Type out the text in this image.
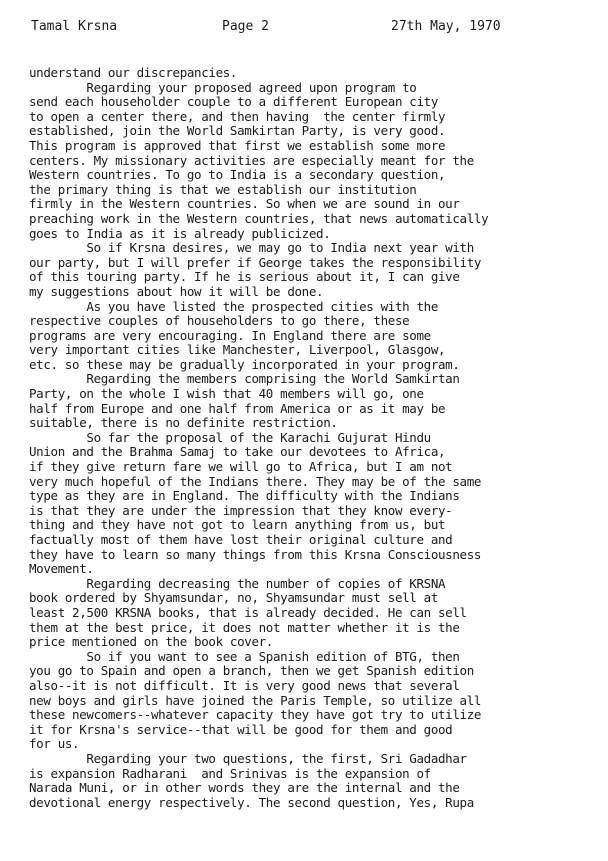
Tamal Krsna	Page 2	27th May, 1970
understand our discrepancies.
Regarding your proposed agreed upon program to
send each householder couple to a different European city
to open a center there, and then having  the center firmly
established, join the World Samkirtan Party, is very good.
This program is approved that first we establish some more
centers. My missionary activities are especially meant for the
Western countries. To go to India is a secondary question,
the primary thing is that we establish our institution
firmly in the Western countries. So when we are sound in our
preaching work in the Western countries, that news automatically
goes to India as it is already publicized.
So if Krsna desires, we may go to India next year with
our party, but I will prefer if George takes the responsibility
of this touring party. If he is serious about it, I can give
my suggestions about how it will be done.
As you have listed the prospected cities with the
respective couples of householders to go there, these
programs are very encouraging. In England there are some
very important cities like Manchester, Liverpool, Glasgow,
etc. so these may be gradually incorporated in your program.
Regarding the members comprising the World Samkirtan
Party, on the whole I wish that 40 members will go, one
half from Europe and one half from America or as it may be
suitable, there is no definite restriction.
So far the proposal of the Karachi Gujurat Hindu
Union and the Brahma Samaj to take our devotees to Africa,
if they give return fare we will go to Africa, but I am not
very much hopeful of the Indians there. They may be of the same
type as they are in England. The difficulty with the Indians
is that they are under the impression that they know every-
thing and they have not got to learn anything from us, but
factually most of them have lost their original culture and
they have to learn so many things from this Krsna Consciousness
Movement.
Regarding decreasing the number of copies of KRSNA
book ordered by Shyamsundar, no, Shyamsundar must sell at
least 2,500 KRSNA books, that is already decided. He can sell
them at the best price, it does not matter whether it is the
price mentioned on the book cover.
So if you want to see a Spanish edition of BTG, then
you go to Spain and open a branch, then we get Spanish edition
also--it is not difficult. It is very good news that several
new boys and girls have joined the Paris Temple, so utilize all
these newcomers--whatever capacity they have got try to utilize
it for Krsna's service--that will be good for them and good
for us.
Regarding your two questions, the first, Sri Gadadhar
is expansion Radharani  and Srinivas is the expansion of
Narada Muni, or in other words they are the internal and the
devotional energy respectively. The second question, Yes, Rupa
